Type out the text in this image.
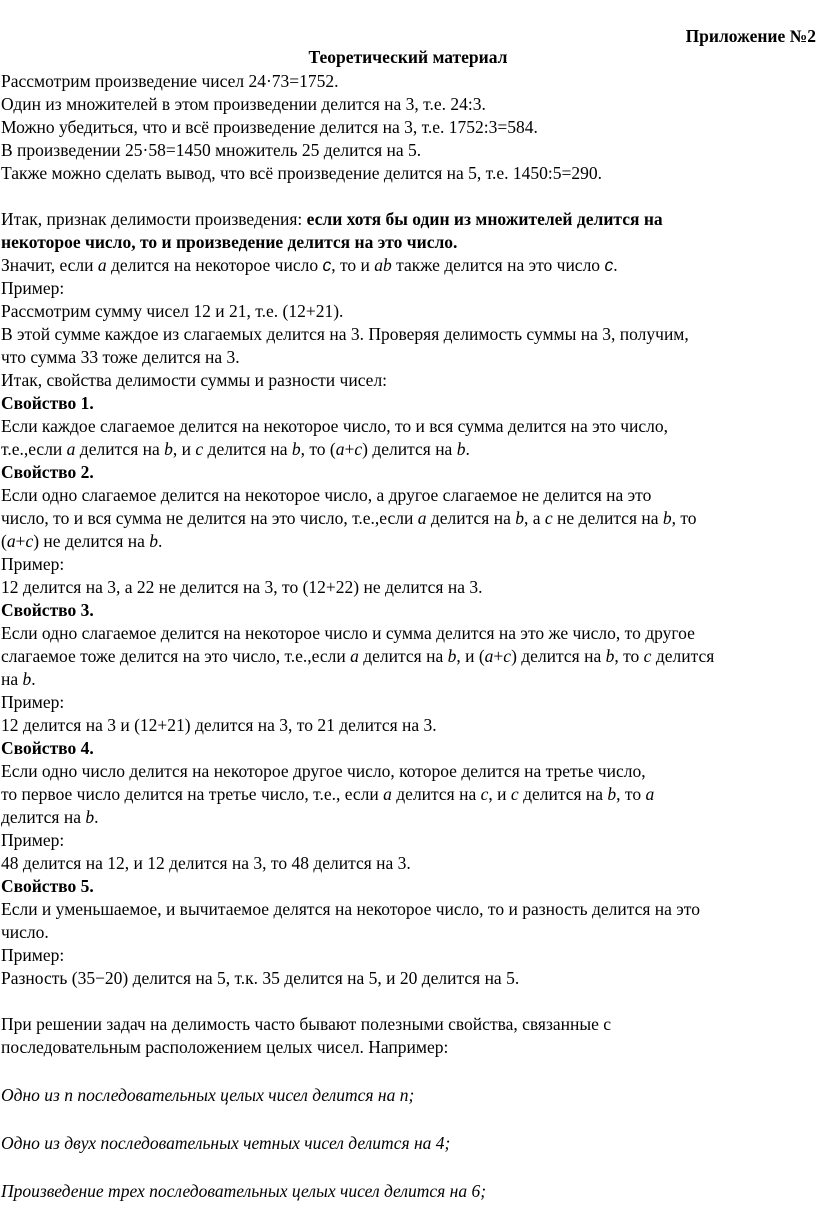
Приложение №2
Теоретический материал

Рассмотрим произведение чисел 24·73=1752.

Один из множителей в этом произведении делится на 3, т.е. 24:3.

Можно убедиться, что и всё произведение делится на 3, т.е. 1752:3=584.

В произведении 25·58=1450 множитель 25 делится на 5.

Также можно сделать вывод, что всё произведение делится на 5, т.е. 1450:5=290.

Итак, признак делимости произведения: если хотя бы один из множителей делится на

некоторое число, то и произведение делится на это число.

Значит, если a делится на некоторое число c, то и ab также делится на это число c.

Пример:

Рассмотрим сумму чисел 12 и 21, т.е. (12+21).

В этой сумме каждое из слагаемых делится на 3. Проверяя делимость суммы на 3, получим,

что сумма 33 тоже делится на 3.

Итак, свойства делимости суммы и разности чисел:

Свойство 1.

Если каждое слагаемое делится на некоторое число, то и вся сумма делится на это число,

т.е.,если a делится на b, и c делится на b, то (a+c) делится на b.

Свойство 2.

Если одно слагаемое делится на некоторое число, а другое слагаемое не делится на это

число, то и вся сумма не делится на это число, т.е.,если a делится на b, а c не делится на b, то

(a+c) не делится на b.

Пример:

12 делится на 3, а 22 не делится на 3, то (12+22) не делится на 3.

Свойство 3.

Если одно слагаемое делится на некоторое число и сумма делится на это же число, то другое

слагаемое тоже делится на это число, т.е.,если a делится на b, и (a+c) делится на b, то c делится

на b.

Пример:

12 делится на 3 и (12+21) делится на 3, то 21 делится на 3.

Свойство 4.

Если одно число делится на некоторое другое число, которое делится на третье число,

то первое число делится на третье число, т.е., если a делится на c, и c делится на b, то a

делится на b.

Пример:

48 делится на 12, и 12 делится на 3, то 48 делится на 3.

Свойство 5.

Если и уменьшаемое, и вычитаемое делятся на некоторое число, то и разность делится на это

число.

Пример:

Разность (35−20) делится на 5, т.к. 35 делится на 5, и 20 делится на 5.

При решении задач на делимость часто бывают полезными свойства, связанные с

последовательным расположением целых чисел. Например:

Одно из n последовательных целых чисел делится на n;

Одно из двух последовательных четных чисел делится на 4;

Произведение трех последовательных целых чисел делится на 6;
